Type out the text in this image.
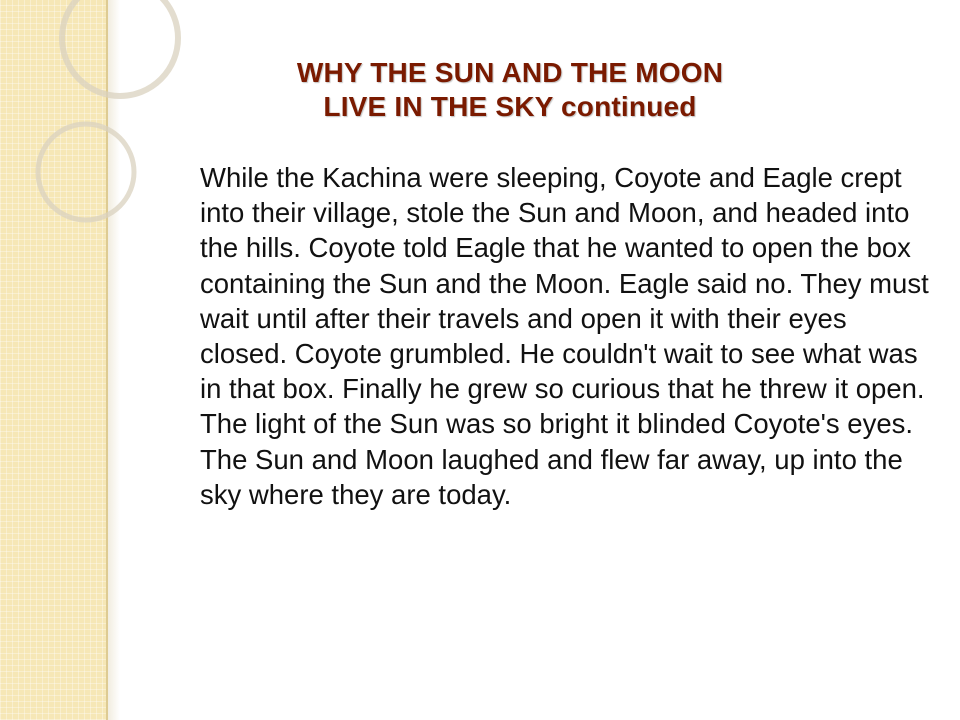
WHY THE SUN AND THE MOON
LIVE IN THE SKY continued

While the Kachina were sleeping, Coyote and Eagle crept into their village, stole the Sun and Moon, and headed into the hills. Coyote told Eagle that he wanted to open the box containing the Sun and the Moon. Eagle said no. They must wait until after their travels and open it with their eyes closed. Coyote grumbled. He couldn't wait to see what was in that box. Finally he grew so curious that he threw it open. The light of the Sun was so bright it blinded Coyote's eyes. The Sun and Moon laughed and flew far away, up into the sky where they are today.
